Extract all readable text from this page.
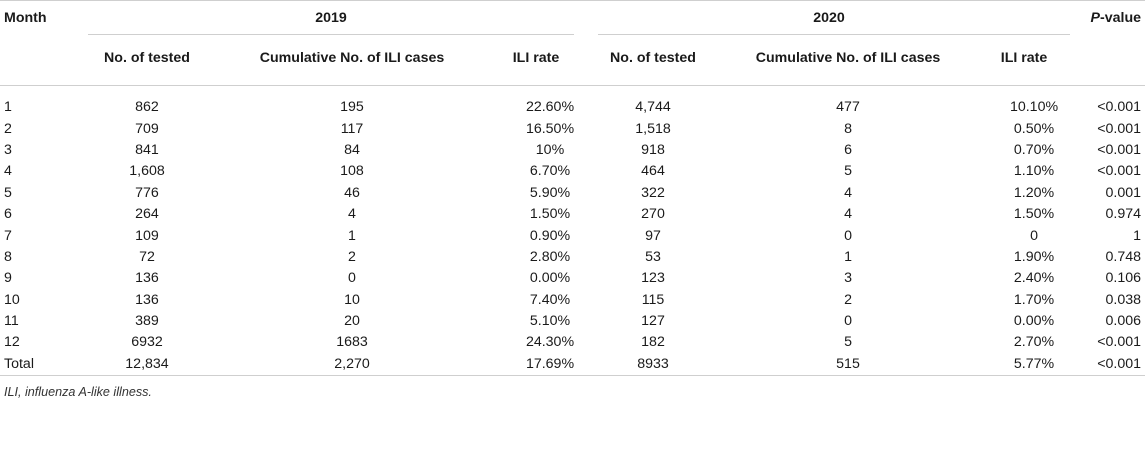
Month	2019			2020			P-value
	No. of tested	Cumulative No. of ILI cases	ILI rate	No. of tested	Cumulative No. of ILI cases	ILI rate	
1	862	195	22.60%	4,744	477	10.10%	<0.001
2	709	117	16.50%	1,518	8	0.50%	<0.001
3	841	84	10%	918	6	0.70%	<0.001
4	1,608	108	6.70%	464	5	1.10%	<0.001
5	776	46	5.90%	322	4	1.20%	0.001
6	264	4	1.50%	270	4	1.50%	0.974
7	109	1	0.90%	97	0	0	1
8	72	2	2.80%	53	1	1.90%	0.748
9	136	0	0.00%	123	3	2.40%	0.106
10	136	10	7.40%	115	2	1.70%	0.038
11	389	20	5.10%	127	0	0.00%	0.006
12	6932	1683	24.30%	182	5	2.70%	<0.001
Total	12,834	2,270	17.69%	8933	515	5.77%	<0.001
ILI, influenza A-like illness.
